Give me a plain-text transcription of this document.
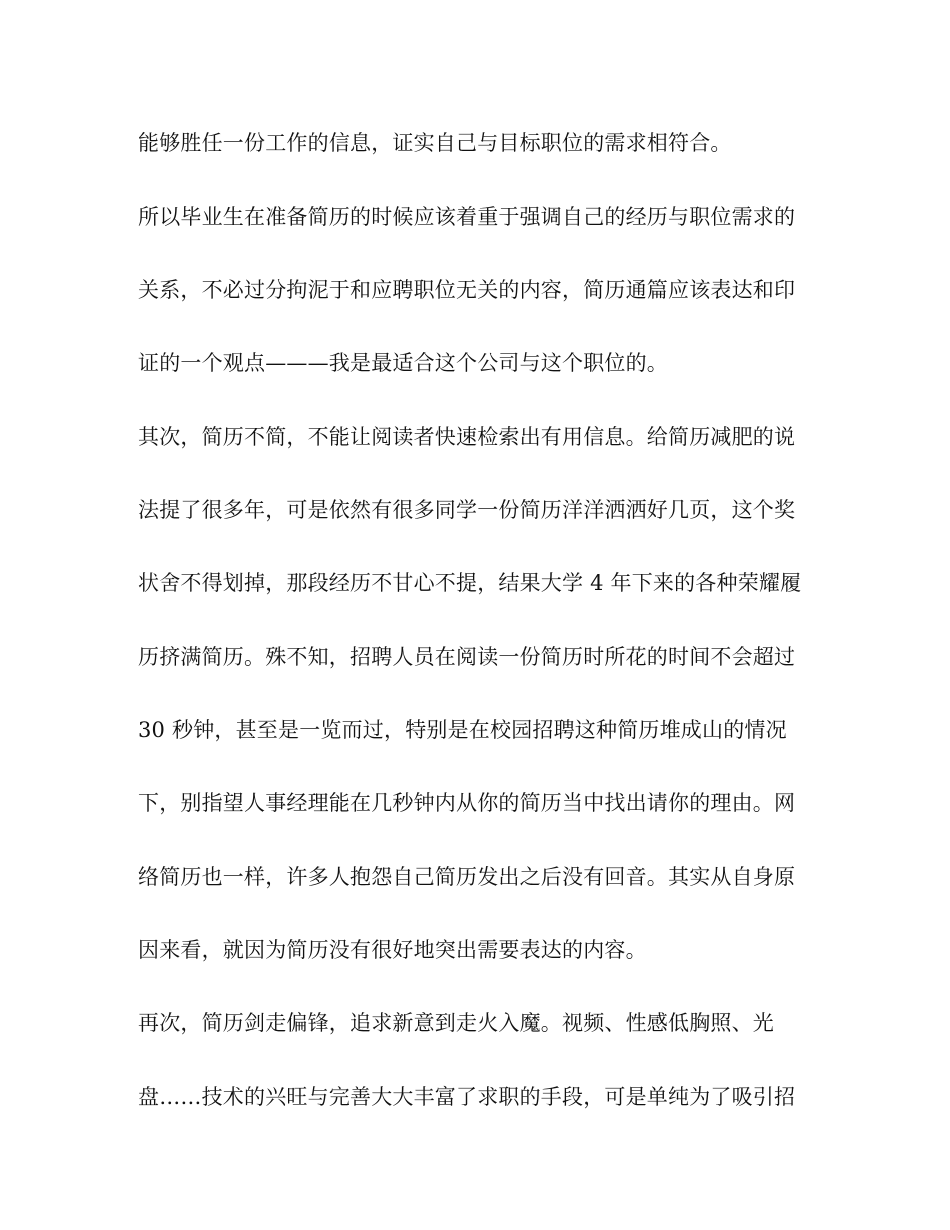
能够胜任一份工作的信息，证实自己与目标职位的需求相符合。
所以毕业生在准备简历的时候应该着重于强调自己的经历与职位需求的
关系，不必过分拘泥于和应聘职位无关的内容，简历通篇应该表达和印
证的一个观点———我是最适合这个公司与这个职位的。
其次，简历不简，不能让阅读者快速检索出有用信息。给简历减肥的说
法提了很多年，可是依然有很多同学一份简历洋洋洒洒好几页，这个奖
状舍不得划掉，那段经历不甘心不提，结果大学 4 年下来的各种荣耀履
历挤满简历。殊不知，招聘人员在阅读一份简历时所花的时间不会超过
30 秒钟，甚至是一览而过，特别是在校园招聘这种简历堆成山的情况
下，别指望人事经理能在几秒钟内从你的简历当中找出请你的理由。网
络简历也一样，许多人抱怨自己简历发出之后没有回音。其实从自身原
因来看，就因为简历没有很好地突出需要表达的内容。
再次，简历剑走偏锋，追求新意到走火入魔。视频、性感低胸照、光
盘……技术的兴旺与完善大大丰富了求职的手段，可是单纯为了吸引招
